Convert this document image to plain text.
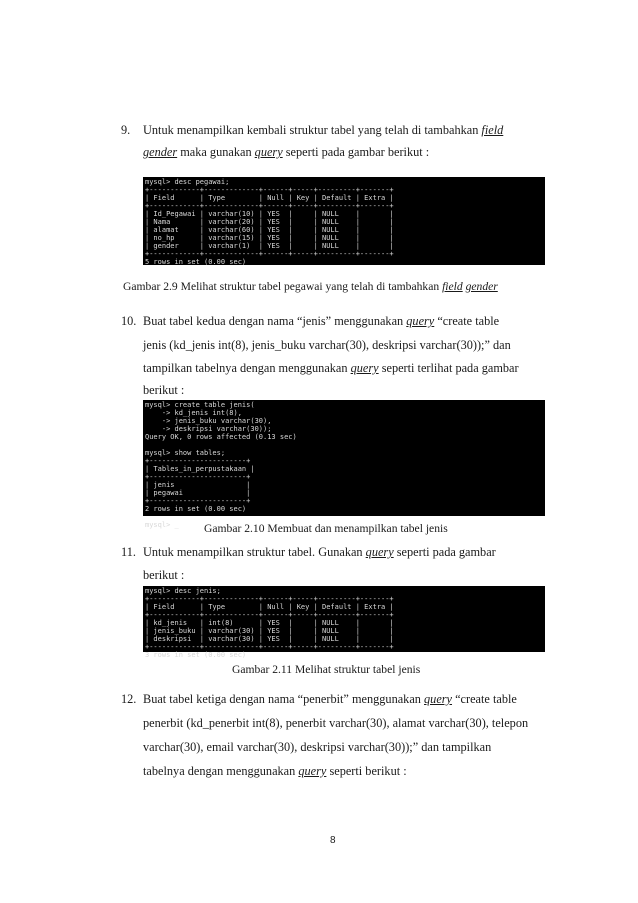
9. Untuk menampilkan kembali struktur tabel yang telah di tambahkan field
gender maka gunakan query seperti pada gambar berikut :
mysql> desc pegawai;
+------------+-------------+------+-----+---------+-------+
| Field      | Type        | Null | Key | Default | Extra |
+------------+-------------+------+-----+---------+-------+
| Id_Pegawai | varchar(10) | YES  |     | NULL    |       |
| Nama       | varchar(20) | YES  |     | NULL    |       |
| alamat     | varchar(60) | YES  |     | NULL    |       |
| no_hp      | varchar(15) | YES  |     | NULL    |       |
| gender     | varchar(1)  | YES  |     | NULL    |       |
+------------+-------------+------+-----+---------+-------+
5 rows in set (0.00 sec)
Gambar 2.9 Melihat struktur tabel pegawai yang telah di tambahkan field gender
10. Buat tabel kedua dengan nama “jenis” menggunakan query “create table
jenis (kd_jenis int(8), jenis_buku varchar(30), deskripsi varchar(30));” dan
tampilkan tabelnya dengan menggunakan query seperti terlihat pada gambar
berikut :
mysql> create table jenis(
-> kd_jenis int(8),
-> jenis_buku varchar(30),
-> deskripsi varchar(30));
Query OK, 0 rows affected (0.13 sec)

mysql> show tables;
+-----------------------+
| Tables_in_perpustakaan |
+-----------------------+
| jenis                 |
| pegawai               |
+-----------------------+
2 rows in set (0.00 sec)

mysql> _	Gambar 2.10 Membuat dan menampilkan tabel jenis
11. Untuk menampilkan struktur tabel. Gunakan query seperti pada gambar
berikut :
mysql> desc jenis;
+------------+-------------+------+-----+---------+-------+
| Field      | Type        | Null | Key | Default | Extra |
+------------+-------------+------+-----+---------+-------+
| kd_jenis   | int(8)      | YES  |     | NULL    |       |
| jenis_buku | varchar(30) | YES  |     | NULL    |       |
| deskripsi  | varchar(30) | YES  |     | NULL    |       |
+------------+-------------+------+-----+---------+-------+
3 rows in set (0.00 sec)
Gambar 2.11 Melihat struktur tabel jenis
12. Buat tabel ketiga dengan nama “penerbit” menggunakan query “create table
penerbit (kd_penerbit int(8), penerbit varchar(30), alamat varchar(30), telepon
varchar(30), email varchar(30), deskripsi varchar(30));” dan tampilkan
tabelnya dengan menggunakan query seperti berikut :
8
